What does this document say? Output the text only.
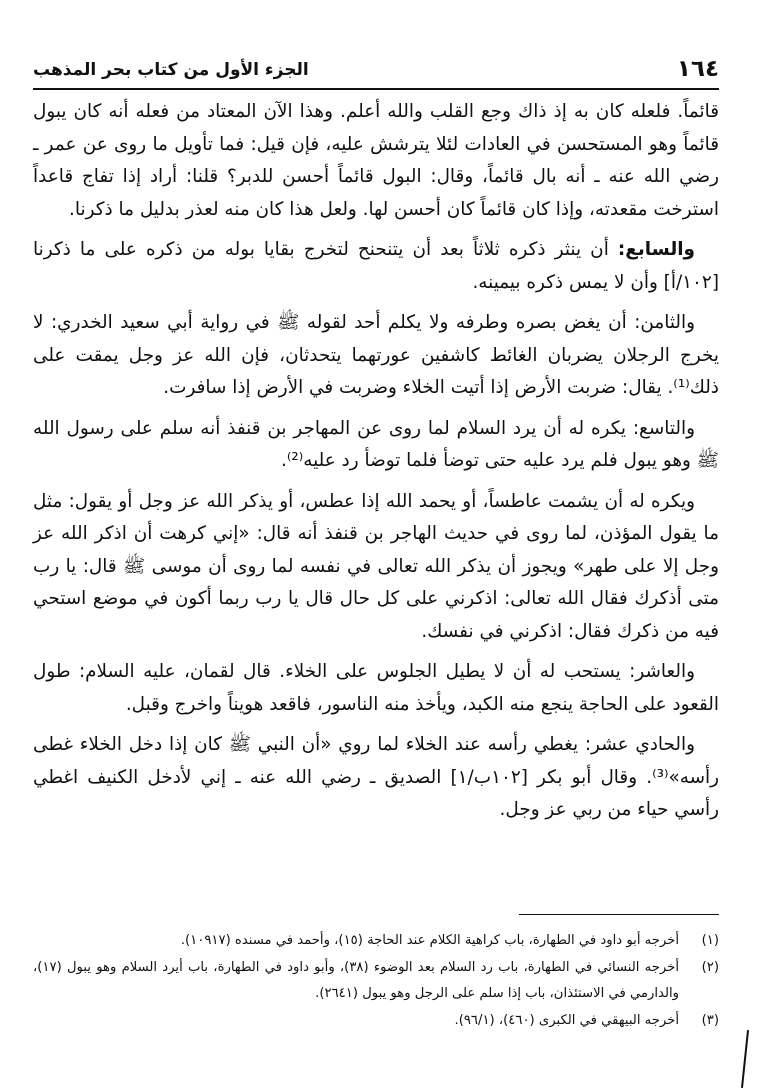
١٦٤
الجزء الأول من كتاب بحر المذهب

قائماً. فلعله كان به إذ ذاك وجع القلب والله أعلم. وهذا الآن المعتاد من فعله أنه كان يبول قائماً وهو المستحسن في العادات لئلا يترشش عليه، فإن قيل: فما تأويل ما روى عن عمر ـ رضي الله عنه ـ أنه بال قائماً، وقال: البول قائماً أحسن للدبر؟ قلنا: أراد إذا تفاج قاعداً استرخت مقعدته، وإذا كان قائماً كان أحسن لها. ولعل هذا كان منه لعذر بدليل ما ذكرنا.

والسابع: أن ينثر ذكره ثلاثاً بعد أن يتنحنح لتخرج بقايا بوله من ذكره على ما ذكرنا [١٠٢/أ] وأن لا يمس ذكره بيمينه.

والثامن: أن يغض بصره وطرفه ولا يكلم أحد لقوله ﷺ في رواية أبي سعيد الخدري: لا يخرج الرجلان يضربان الغائط كاشفين عورتهما يتحدثان، فإن الله عز وجل يمقت على ذلك⁽¹⁾. يقال: ضربت الأرض إذا أتيت الخلاء وضربت في الأرض إذا سافرت.

والتاسع: يكره له أن يرد السلام لما روى عن المهاجر بن قنفذ أنه سلم على رسول الله ﷺ وهو يبول فلم يرد عليه حتى توضأ فلما توضأ رد عليه⁽²⁾.

ويكره له أن يشمت عاطساً، أو يحمد الله إذا عطس، أو يذكر الله عز وجل أو يقول: مثل ما يقول المؤذن، لما روى في حديث الهاجر بن قنفذ أنه قال: «إني كرهت أن اذكر الله عز وجل إلا على طهر» ويجوز أن يذكر الله تعالى في نفسه لما روى أن موسى ﷺ قال: يا رب متى أذكرك فقال الله تعالى: اذكرني على كل حال قال يا رب ربما أكون في موضع استحي فيه من ذكرك فقال: اذكرني في نفسك.

والعاشر: يستحب له أن لا يطيل الجلوس على الخلاء. قال لقمان، عليه السلام: طول القعود على الحاجة ينجع منه الكبد، ويأخذ منه الناسور، فاقعد هويناً واخرج وقبل.

والحادي عشر: يغطي رأسه عند الخلاء لما روي «أن النبي ﷺ كان إذا دخل الخلاء غطى رأسه»⁽³⁾. وقال أبو بكر [١٠٢ب/١] الصديق ـ رضي الله عنه ـ إني لأدخل الكنيف اغطي رأسي حياء من ربي عز وجل.

(١)
أخرجه أبو داود في الطهارة، باب كراهية الكلام عند الحاجة (١٥)، وأحمد في مسنده (١٠٩١٧).
(٢)
أخرجه النسائي في الطهارة، باب رد السلام بعد الوضوء (٣٨)، وأبو داود في الطهارة، باب أيرد السلام وهو يبول (١٧)، والدارمي في الاستئذان، باب إذا سلم على الرجل وهو يبول (٢٦٤١).
(٣)
أخرجه البيهقي في الكبرى (٤٦٠)، (٩٦/١).
